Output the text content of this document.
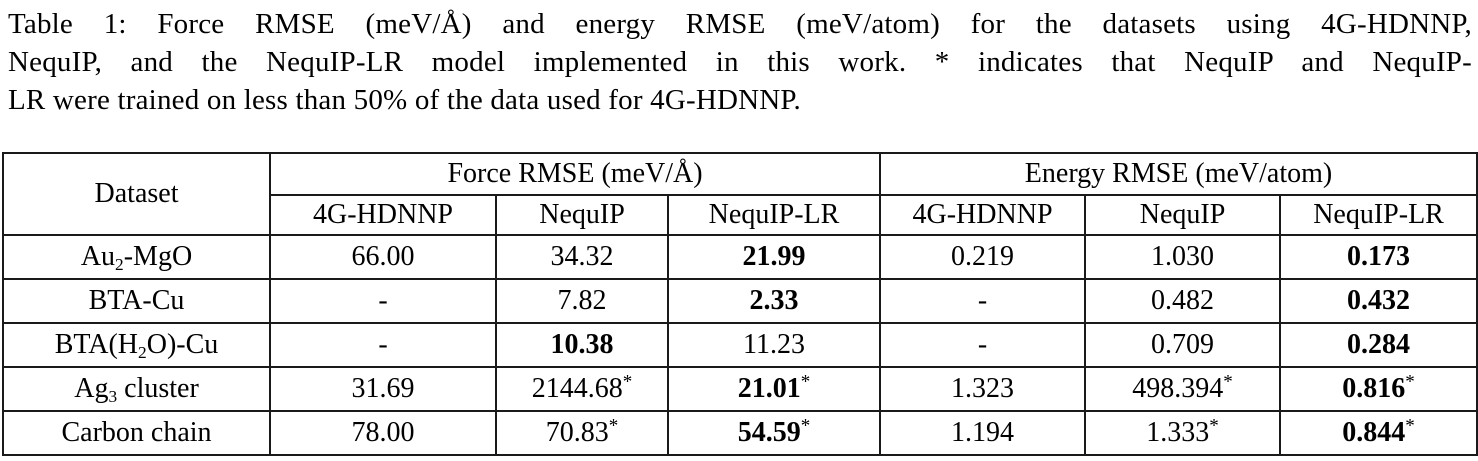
Table 1: Force RMSE (meV/Å) and energy RMSE (meV/atom) for the datasets using 4G-HDNNP,
NequIP, and the NequIP-LR model implemented in this work. * indicates that NequIP and NequIP-
LR were trained on less than 50% of the data used for 4G-HDNNP.
Dataset	Force RMSE (meV/Å)			Energy RMSE (meV/atom)		
	4G-HDNNP	NequIP	NequIP-LR	4G-HDNNP	NequIP	NequIP-LR
$Au_2$-MgO	66.00	34.32	21.99	0.219	1.030	0.173
BTA-Cu	-	7.82	2.33	-	0.482	0.432
$BTA(H_2O)-Cu$	-	10.38	11.23	-	0.709	0.284
$Ag_3$ cluster	31.69	2144.68*	21.01*	1.323	498.394*	0.816*
Carbon chain	78.00	70.83*	54.59*	1.194	1.333*	0.844*
